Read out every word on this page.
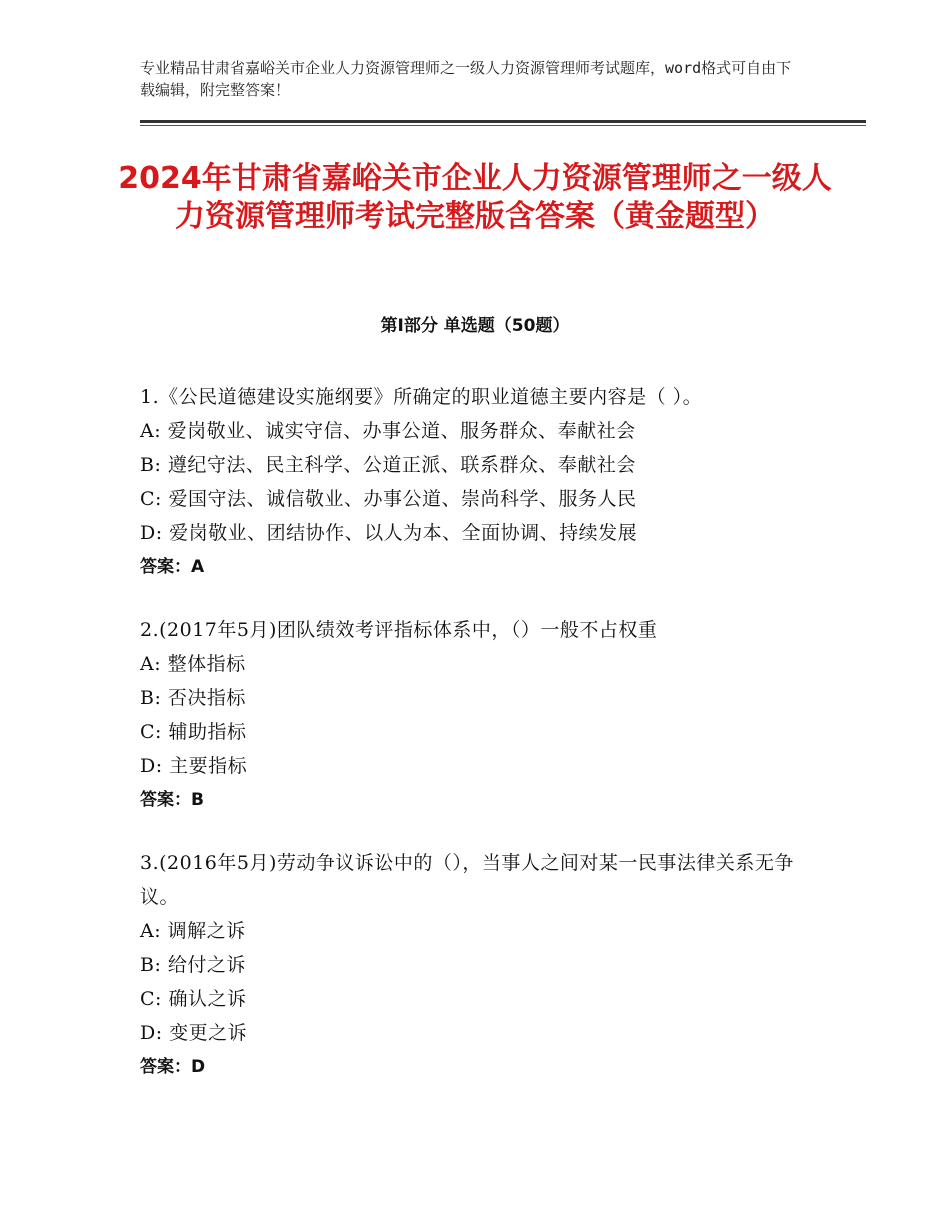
专业精品甘肃省嘉峪关市企业人力资源管理师之一级人力资源管理师考试题库，word格式可自由下载编辑，附完整答案！
2024年甘肃省嘉峪关市企业人力资源管理师之一级人力资源管理师考试完整版含答案（黄金题型）
第Ⅰ部分 单选题（50题）
1.《公民道德建设实施纲要》所确定的职业道德主要内容是（ ）。
A: 爱岗敬业、诚实守信、办事公道、服务群众、奉献社会
B: 遵纪守法、民主科学、公道正派、联系群众、奉献社会
C: 爱国守法、诚信敬业、办事公道、崇尚科学、服务人民
D: 爱岗敬业、团结协作、以人为本、全面协调、持续发展
答案：A
2.(2017年5月)团队绩效考评指标体系中，（）一般不占权重
A: 整体指标
B: 否决指标
C: 辅助指标
D: 主要指标
答案：B
3.(2016年5月)劳动争议诉讼中的（），当事人之间对某一民事法律关系无争议。
A: 调解之诉
B: 给付之诉
C: 确认之诉
D: 变更之诉
答案：D
